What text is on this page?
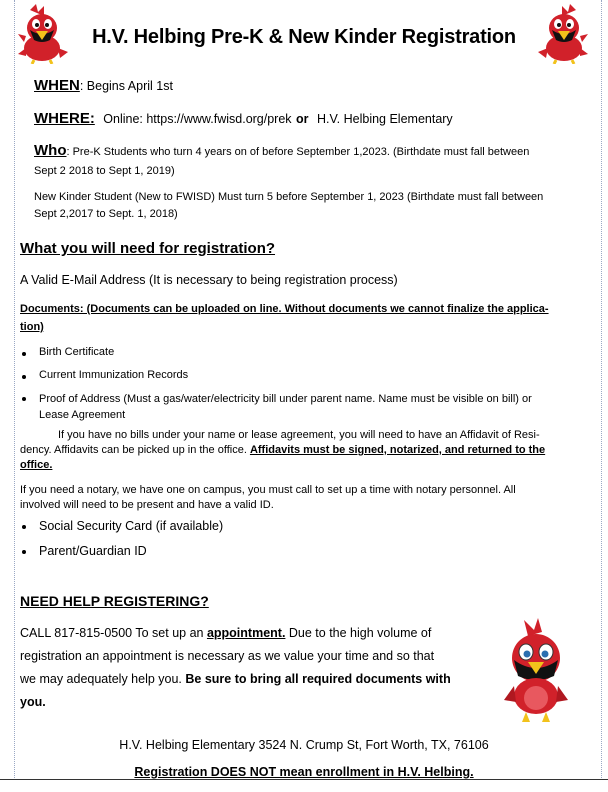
H.V. Helbing Pre-K & New Kinder Registration
WHEN: Begins April 1st
WHERE: Online: https://www.fwisd.org/prek or H.V. Helbing Elementary
Who: Pre-K Students who turn 4 years on of before September 1,2023. (Birthdate must fall between
Sept 2 2018 to Sept 1, 2019)
New Kinder Student (New to FWISD) Must turn 5 before September 1, 2023 (Birthdate must fall between
Sept 2,2017 to Sept. 1, 2018)
What you will need for registration?
A Valid E-Mail Address (It is necessary to being registration process)
Documents: (Documents can be uploaded on line. Without documents we cannot finalize the applica-
tion)
Birth Certificate
Current Immunization Records
Proof of Address (Must a gas/water/electricity bill under parent name. Name must be visible on bill) or
Lease Agreement
If you have no bills under your name or lease agreement, you will need to have an Affidavit of Resi-
dency. Affidavits can be picked up in the office. Affidavits must be signed, notarized, and returned to the
office.
If you need a notary, we have one on campus, you must call to set up a time with notary personnel. All
involved will need to be present and have a valid ID.
Social Security Card (if available)
Parent/Guardian ID
NEED HELP REGISTERING?
CALL 817-815-0500 To set up an appointment. Due to the high volume of
registration an appointment is necessary as we value your time and so that
we may adequately help you. Be sure to bring all required documents with
you.
H.V. Helbing Elementary 3524 N. Crump St, Fort Worth, TX, 76106
Registration DOES NOT mean enrollment in H.V. Helbing.
